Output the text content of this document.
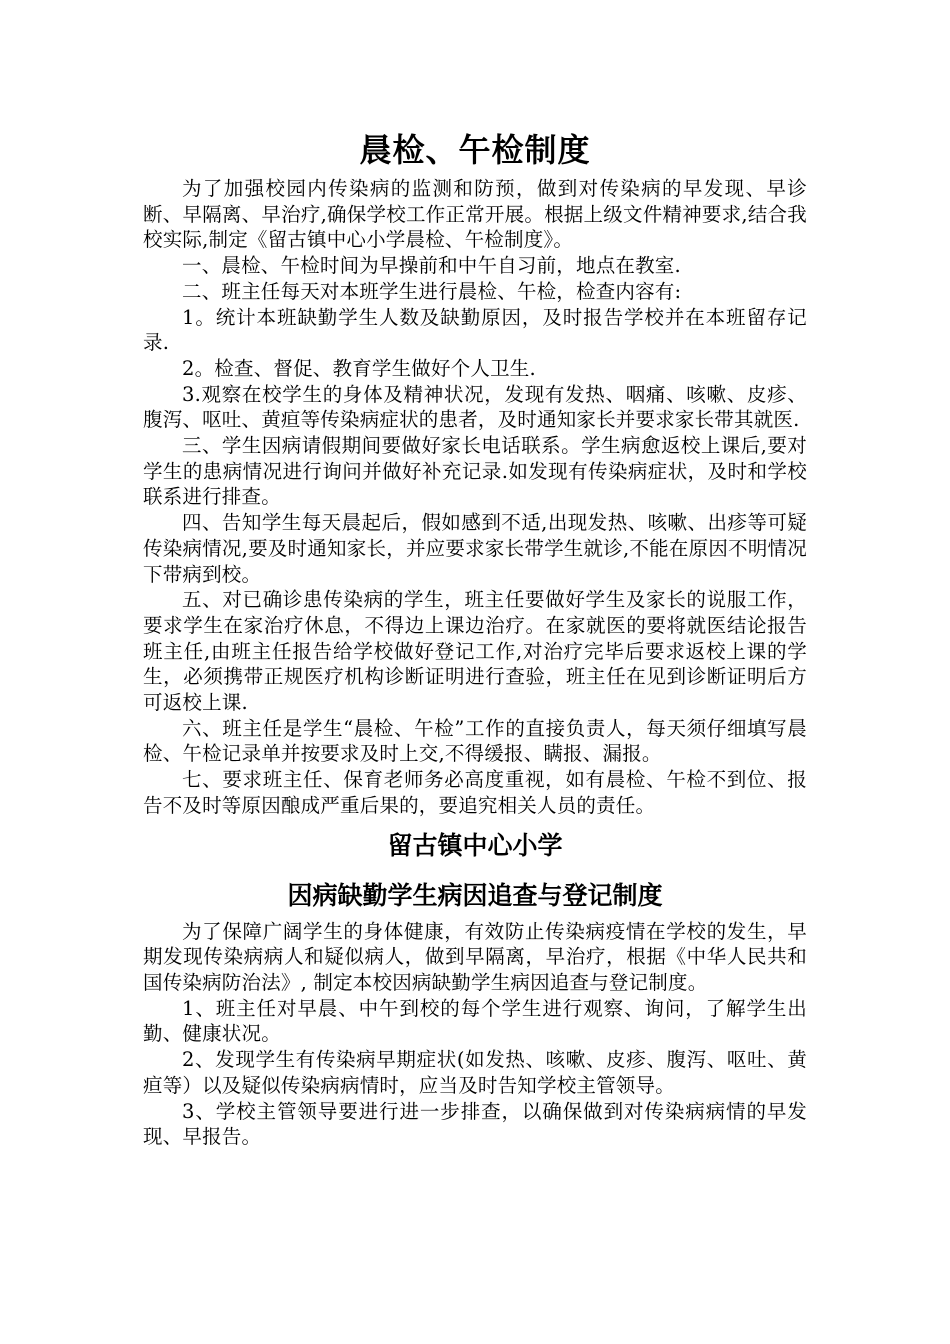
晨检、午检制度

为了加强校园内传染病的监测和防预，做到对传染病的早发现、早诊断、早隔离、早治疗,确保学校工作正常开展。根据上级文件精神要求,结合我校实际,制定《留古镇中心小学晨检、午检制度》。

一、晨检、午检时间为早操前和中午自习前，地点在教室.

二、班主任每天对本班学生进行晨检、午检，检查内容有:

1。统计本班缺勤学生人数及缺勤原因，及时报告学校并在本班留存记录.

2。检查、督促、教育学生做好个人卫生.

3.观察在校学生的身体及精神状况，发现有发热、咽痛、咳嗽、皮疹、腹泻、呕吐、黄疸等传染病症状的患者，及时通知家长并要求家长带其就医.

三、学生因病请假期间要做好家长电话联系。学生病愈返校上课后,要对学生的患病情况进行询问并做好补充记录.如发现有传染病症状，及时和学校联系进行排查。

四、告知学生每天晨起后，假如感到不适,出现发热、咳嗽、出疹等可疑传染病情况,要及时通知家长，并应要求家长带学生就诊,不能在原因不明情况下带病到校。

五、对已确诊患传染病的学生，班主任要做好学生及家长的说服工作，要求学生在家治疗休息，不得边上课边治疗。在家就医的要将就医结论报告班主任,由班主任报告给学校做好登记工作,对治疗完毕后要求返校上课的学生，必须携带正规医疗机构诊断证明进行查验，班主任在见到诊断证明后方可返校上课.

六、班主任是学生“晨检、午检”工作的直接负责人，每天须仔细填写晨检、午检记录单并按要求及时上交,不得缓报、瞒报、漏报。

七、要求班主任、保育老师务必高度重视，如有晨检、午检不到位、报告不及时等原因酿成严重后果的，要追究相关人员的责任。

留古镇中心小学
因病缺勤学生病因追查与登记制度

为了保障广阔学生的身体健康，有效防止传染病疫情在学校的发生，早期发现传染病病人和疑似病人，做到早隔离，早治疗，根据《中华人民共和国传染病防治法》, 制定本校因病缺勤学生病因追查与登记制度。

1、班主任对早晨、中午到校的每个学生进行观察、询问，了解学生出勤、健康状况。

2、发现学生有传染病早期症状(如发热、咳嗽、皮疹、腹泻、呕吐、黄疸等）以及疑似传染病病情时，应当及时告知学校主管领导。

3、学校主管领导要进行进一步排查，以确保做到对传染病病情的早发现、早报告。
